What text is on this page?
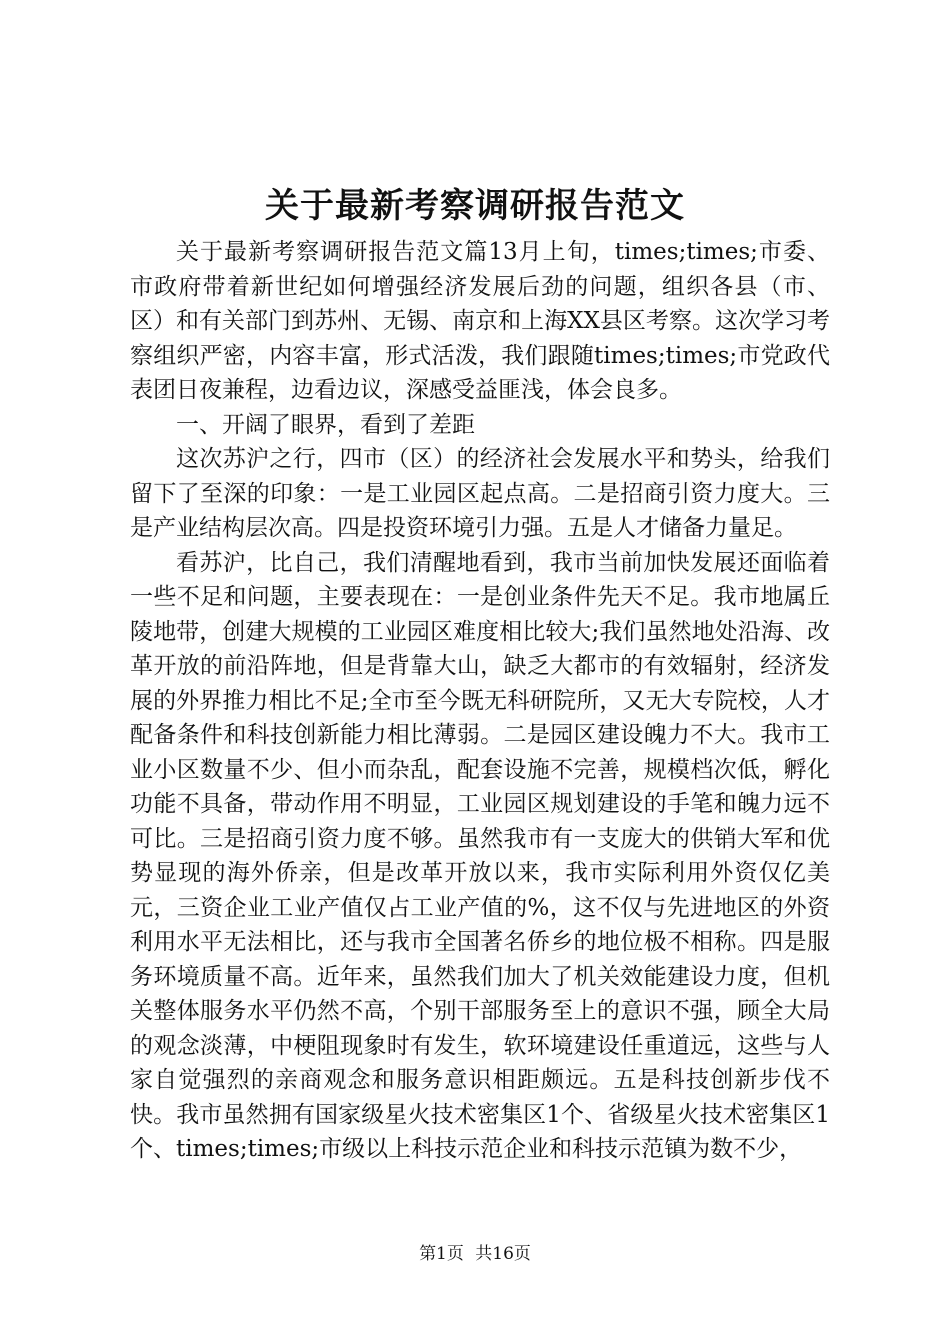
关于最新考察调研报告范文

关于最新考察调研报告范文篇13月上旬，times;times;市委、市政府带着新世纪如何增强经济发展后劲的问题，组织各县（市、区）和有关部门到苏州、无锡、南京和上海XX县区考察。这次学习考察组织严密，内容丰富，形式活泼，我们跟随times;times;市党政代表团日夜兼程，边看边议，深感受益匪浅，体会良多。

一、开阔了眼界，看到了差距

这次苏沪之行，四市（区）的经济社会发展水平和势头，给我们留下了至深的印象：一是工业园区起点高。二是招商引资力度大。三是产业结构层次高。四是投资环境引力强。五是人才储备力量足。

看苏沪，比自己，我们清醒地看到，我市当前加快发展还面临着一些不足和问题，主要表现在：一是创业条件先天不足。我市地属丘陵地带，创建大规模的工业园区难度相比较大;我们虽然地处沿海、改革开放的前沿阵地，但是背靠大山，缺乏大都市的有效辐射，经济发展的外界推力相比不足;全市至今既无科研院所，又无大专院校，人才配备条件和科技创新能力相比薄弱。二是园区建设魄力不大。我市工业小区数量不少、但小而杂乱，配套设施不完善，规模档次低，孵化功能不具备，带动作用不明显，工业园区规划建设的手笔和魄力远不可比。三是招商引资力度不够。虽然我市有一支庞大的供销大军和优势显现的海外侨亲，但是改革开放以来，我市实际利用外资仅亿美元，三资企业工业产值仅占工业产值的%，这不仅与先进地区的外资利用水平无法相比，还与我市全国著名侨乡的地位极不相称。四是服务环境质量不高。近年来，虽然我们加大了机关效能建设力度，但机关整体服务水平仍然不高，个别干部服务至上的意识不强，顾全大局的观念淡薄，中梗阻现象时有发生，软环境建设任重道远，这些与人家自觉强烈的亲商观念和服务意识相距颇远。五是科技创新步伐不快。我市虽然拥有国家级星火技术密集区1个、省级星火技术密集区1个、times;times;市级以上科技示范企业和科技示范镇为数不少，

第1页 共16页
